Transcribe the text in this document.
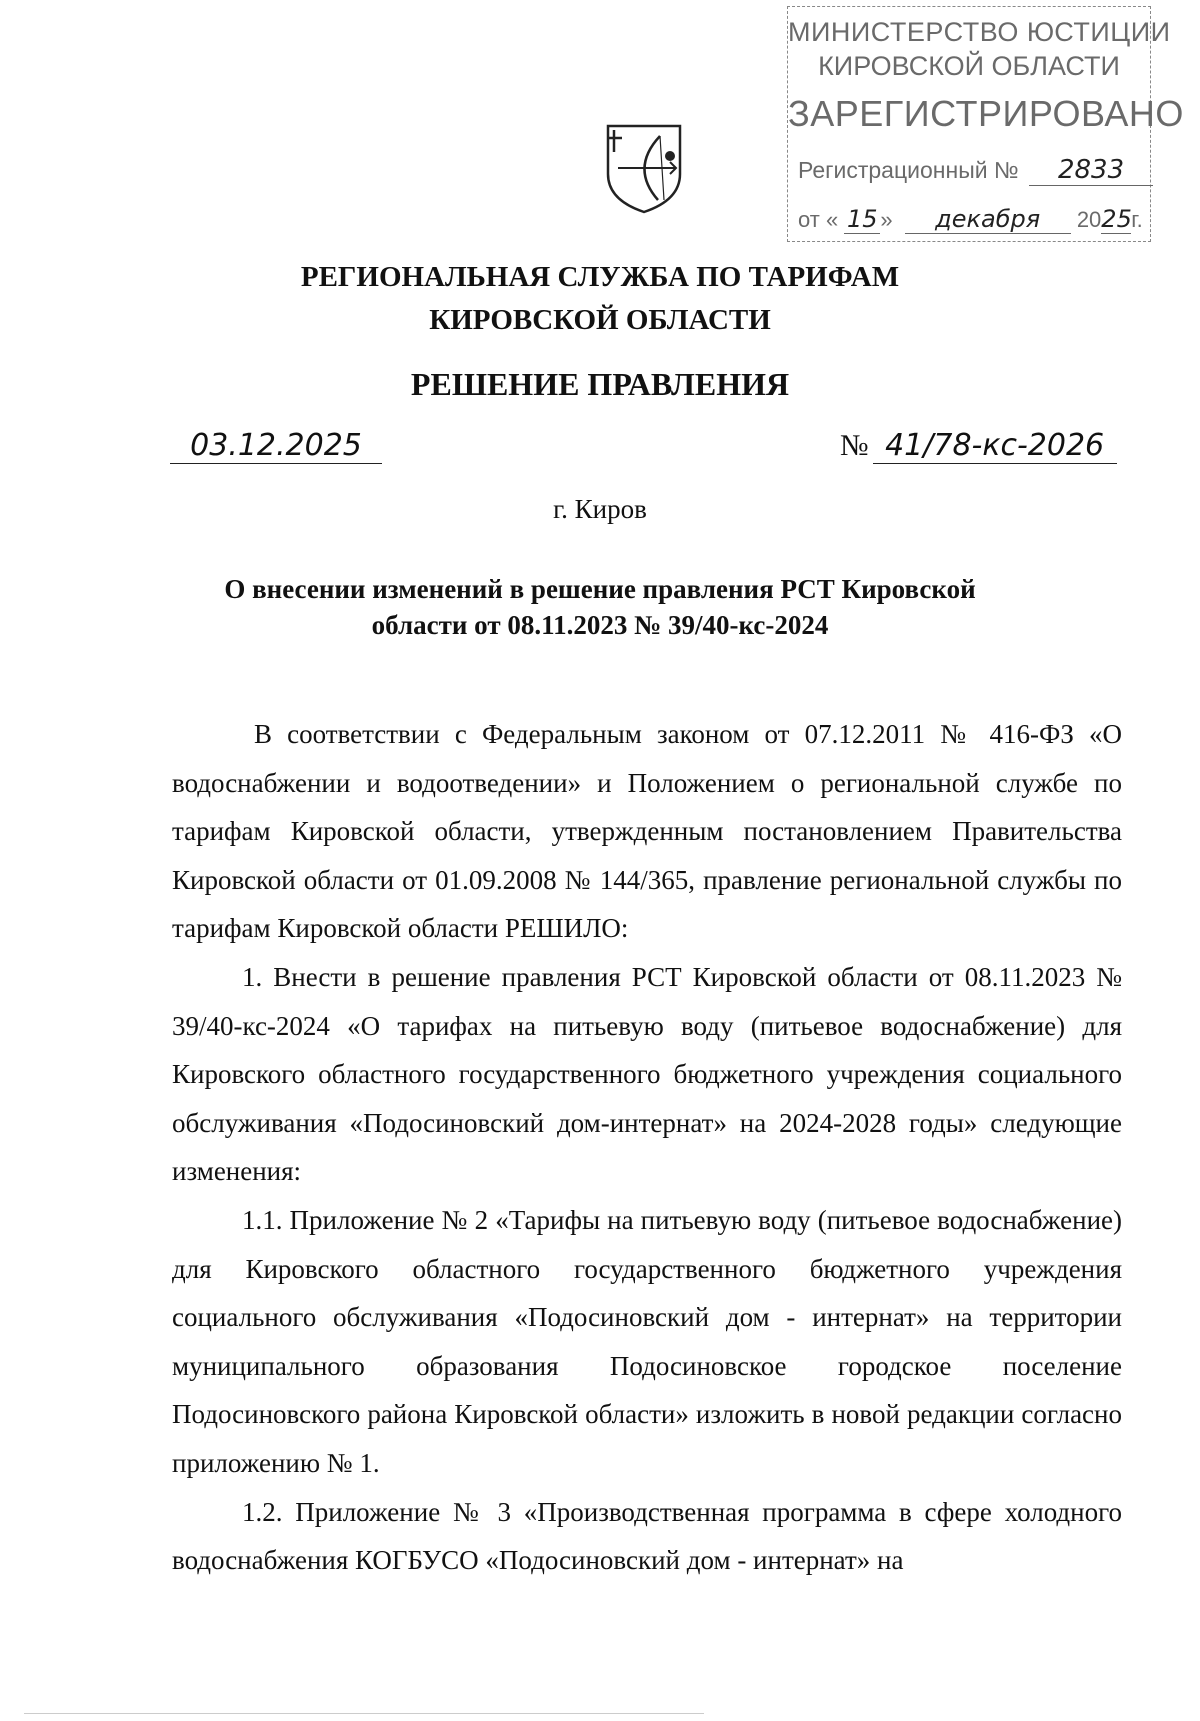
МИНИСТЕРСТВО ЮСТИЦИИ
КИРОВСКОЙ ОБЛАСТИ
ЗАРЕГИСТРИРОВАНО
Регистрационный № 2833
от « 15 » декабря 2025г.
РЕГИОНАЛЬНАЯ СЛУЖБА ПО ТАРИФАМ
КИРОВСКОЙ ОБЛАСТИ
РЕШЕНИЕ ПРАВЛЕНИЯ
03.12.2025	№ 41/78-кс-2026
г. Киров
О внесении изменений в решение правления РСТ Кировской
области от 08.11.2023 № 39/40-кс-2024

В соответствии с Федеральным законом от 07.12.2011 № 416-ФЗ «О водоснабжении и водоотведении» и Положением о региональной службе по тарифам Кировской области, утвержденным постановлением Правительства Кировской области от 01.09.2008 № 144/365, правление региональной службы по тарифам Кировской области РЕШИЛО:

1. Внести в решение правления РСТ Кировской области от 08.11.2023 № 39/40-кс-2024 «О тарифах на питьевую воду (питьевое водоснабжение) для Кировского областного государственного бюджетного учреждения социального обслуживания «Подосиновский дом-интернат» на 2024-2028 годы» следующие изменения:

1.1. Приложение № 2 «Тарифы на питьевую воду (питьевое водоснабжение) для Кировского областного государственного бюджетного учреждения социального обслуживания «Подосиновский дом - интернат» на территории муниципального образования Подосиновское городское поселение Подосиновского района Кировской области» изложить в новой редакции согласно приложению № 1.

1.2. Приложение № 3 «Производственная программа в сфере холодного водоснабжения КОГБУСО «Подосиновский дом - интернат» на
